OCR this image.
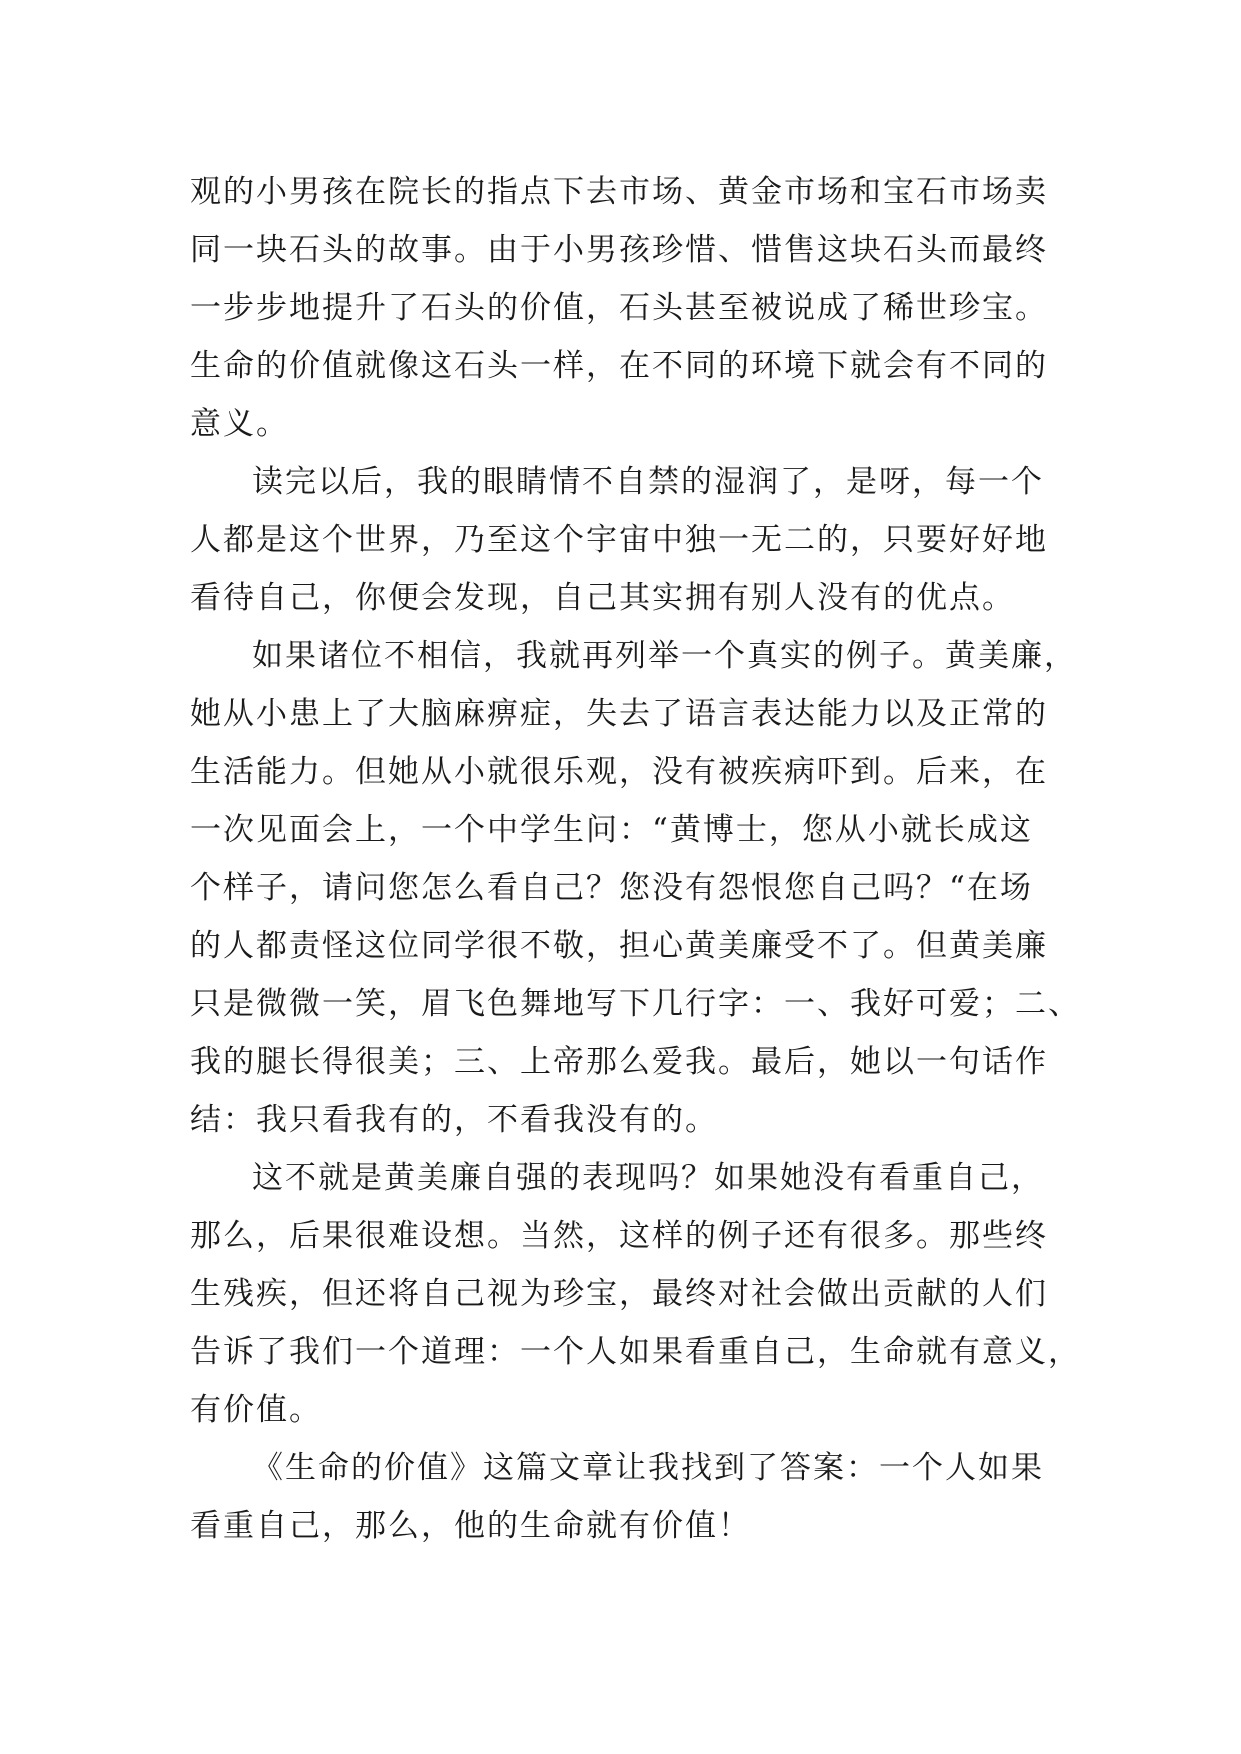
观的小男孩在院长的指点下去市场、黄金市场和宝石市场卖
同一块石头的故事。由于小男孩珍惜、惜售这块石头而最终
一步步地提升了石头的价值，石头甚至被说成了稀世珍宝。
生命的价值就像这石头一样，在不同的环境下就会有不同的
意义。
读完以后，我的眼睛情不自禁的湿润了，是呀，每一个
人都是这个世界，乃至这个宇宙中独一无二的，只要好好地
看待自己，你便会发现，自己其实拥有别人没有的优点。
如果诸位不相信，我就再列举一个真实的例子。黄美廉，
她从小患上了大脑麻痹症，失去了语言表达能力以及正常的
生活能力。但她从小就很乐观，没有被疾病吓到。后来，在
一次见面会上，一个中学生问：“黄博士，您从小就长成这
个样子，请问您怎么看自己？您没有怨恨您自己吗？“在场
的人都责怪这位同学很不敬，担心黄美廉受不了。但黄美廉
只是微微一笑，眉飞色舞地写下几行字：一、我好可爱；二、
我的腿长得很美；三、上帝那么爱我。最后，她以一句话作
结：我只看我有的，不看我没有的。
这不就是黄美廉自强的表现吗？如果她没有看重自己，
那么，后果很难设想。当然，这样的例子还有很多。那些终
生残疾，但还将自己视为珍宝，最终对社会做出贡献的人们
告诉了我们一个道理：一个人如果看重自己，生命就有意义，
有价值。
《生命的价值》这篇文章让我找到了答案：一个人如果
看重自己，那么，他的生命就有价值！
